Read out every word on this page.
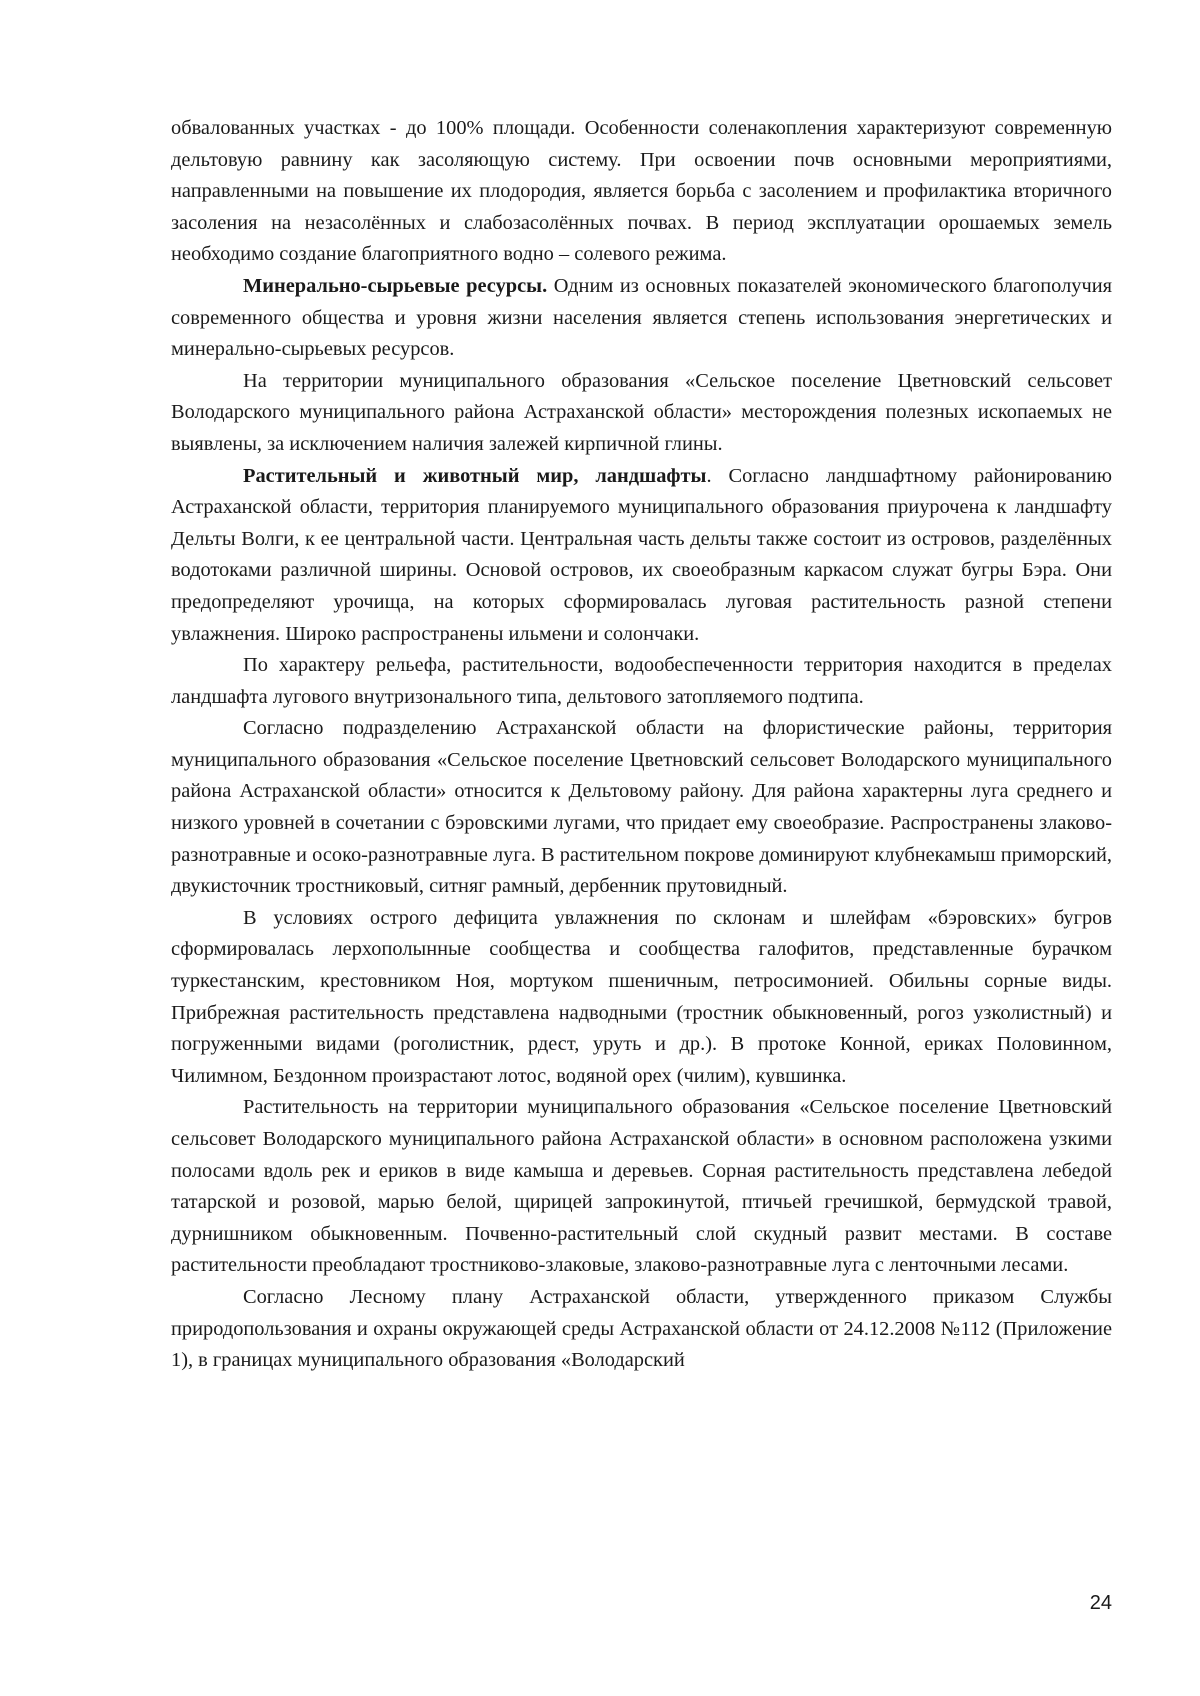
обвалованных участках - до 100% площади. Особенности соленакопления характеризуют современную дельтовую равнину как засоляющую систему. При освоении почв основными мероприятиями, направленными на повышение их плодородия, является борьба с засолением и профилактика вторичного засоления на незасолённых и слабозасолённых почвах. В период эксплуатации орошаемых земель необходимо создание благоприятного водно – солевого режима.

Минерально-сырьевые ресурсы. Одним из основных показателей экономического благополучия современного общества и уровня жизни населения является степень использования энергетических и минерально-сырьевых ресурсов.

На территории муниципального образования «Сельское поселение Цветновский сельсовет Володарского муниципального района Астраханской области» месторождения полезных ископаемых не выявлены, за исключением наличия залежей кирпичной глины.

Растительный и животный мир, ландшафты. Согласно ландшафтному районированию Астраханской области, территория планируемого муниципального образования приурочена к ландшафту Дельты Волги, к ее центральной части. Центральная часть дельты также состоит из островов, разделённых водотоками различной ширины. Основой островов, их своеобразным каркасом служат бугры Бэра. Они предопределяют урочища, на которых сформировалась луговая растительность разной степени увлажнения. Широко распространены ильмени и солончаки.

По характеру рельефа, растительности, водообеспеченности территория находится в пределах ландшафта лугового внутризонального типа, дельтового затопляемого подтипа.

Согласно подразделению Астраханской области на флористические районы, территория муниципального образования «Сельское поселение Цветновский сельсовет Володарского муниципального района Астраханской области» относится к Дельтовому району. Для района характерны луга среднего и низкого уровней в сочетании с бэровскими лугами, что придает ему своеобразие. Распространены злаково-разнотравные и осоко-разнотравные луга. В растительном покрове доминируют клубнекамыш приморский, двукисточник тростниковый, ситняг рамный, дербенник прутовидный.

В условиях острого дефицита увлажнения по склонам и шлейфам «бэровских» бугров сформировалась лерхополынные сообщества и сообщества галофитов, представленные бурачком туркестанским, крестовником Ноя, мортуком пшеничным, петросимонией. Обильны сорные виды. Прибрежная растительность представлена надводными (тростник обыкновенный, рогоз узколистный) и погруженными видами (роголистник, рдест, уруть и др.). В протоке Конной, ериках Половинном, Чилимном, Бездонном произрастают лотос, водяной орех (чилим), кувшинка.

Растительность на территории муниципального образования «Сельское поселение Цветновский сельсовет Володарского муниципального района Астраханской области» в основном расположена узкими полосами вдоль рек и ериков в виде камыша и деревьев. Сорная растительность представлена лебедой татарской и розовой, марью белой, щирицей запрокинутой, птичьей гречишкой, бермудской травой, дурнишником обыкновенным. Почвенно-растительный слой скудный развит местами. В составе растительности преобладают тростниково-злаковые, злаково-разнотравные луга с ленточными лесами.

Согласно Лесному плану Астраханской области, утвержденного приказом Службы природопользования и охраны окружающей среды Астраханской области от 24.12.2008 №112 (Приложение 1), в границах муниципального образования «Володарский

24
